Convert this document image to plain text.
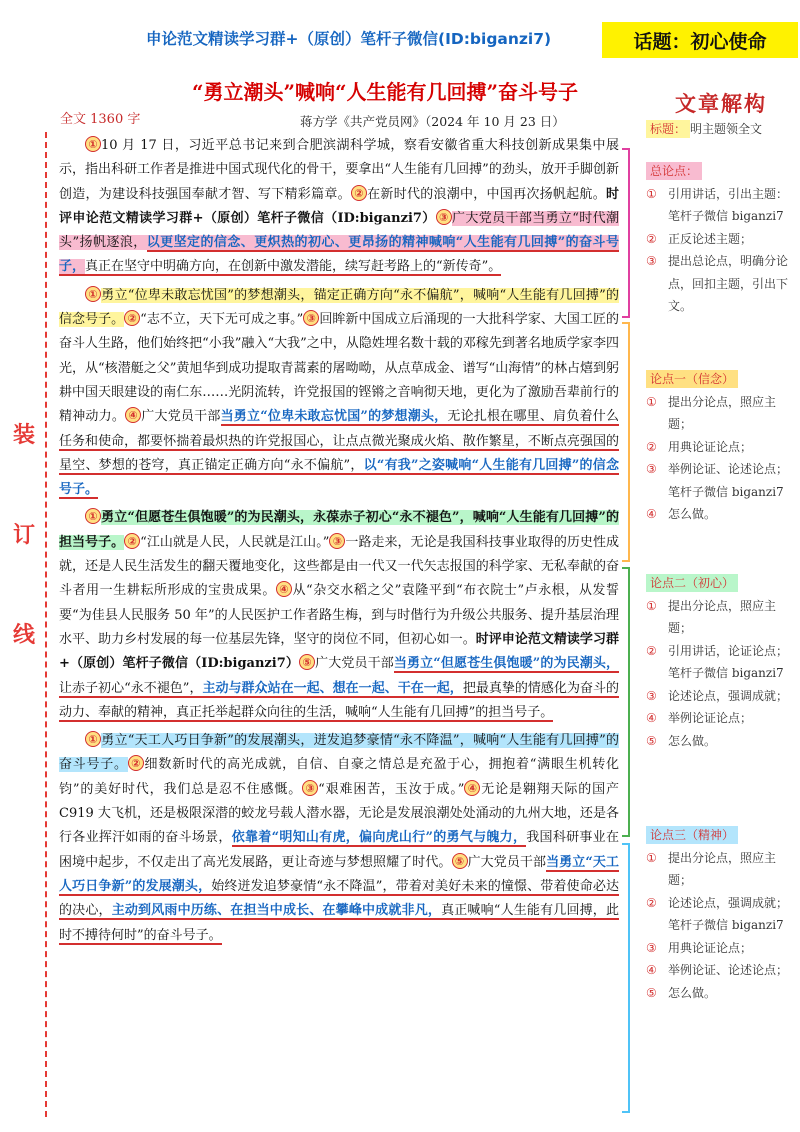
申论范文精读学习群+（原创）笔杆子微信(ID:biganzi7)	话题：初心使命
“勇立潮头”喊响“人生能有几回搏”奋斗号子
全文 1360 字	蒋方学《共产党员网》（2024 年 10 月 23 日）
装
订
线

① 10 月 17 日，习近平总书记来到合肥滨湖科学城，察看安徽省重大科技创新成果集中展示，指出科研工作者是推进中国式现代化的骨干，要拿出“人生能有几回搏”的劲头，放开手脚创新创造，为建设科技强国奉献才智、写下精彩篇章。 ② 在新时代的浪潮中，中国再次扬帆起航。时评申论范文精读学习群+（原创）笔杆子微信（ID:biganzi7） ③ 广大党员干部当勇立“时代潮头”扬帆逐浪，以更坚定的信念、更炽热的初心、更昂扬的精神喊响“人生能有几回搏”的奋斗号子，真正在坚守中明确方向，在创新中激发潜能，续写赶考路上的“新传奇”。

① 勇立“位卑未敢忘忧国”的梦想潮头，锚定正确方向“永不偏航”，喊响“人生能有几回搏”的信念号子。 ② “志不立，天下无可成之事。” ③ 回眸新中国成立后涌现的一大批科学家、大国工匠的奋斗人生路，他们始终把“小我”融入“大我”之中，从隐姓埋名数十载的邓稼先到著名地质学家李四光，从“核潜艇之父”黄旭华到成功提取青蒿素的屠呦呦，从点草成金、谱写“山海情”的林占熺到躬耕中国天眼建设的南仁东……光阴流转，许党报国的铿锵之音响彻天地，更化为了激励吾辈前行的精神动力。 ④ 广大党员干部当勇立“位卑未敢忘忧国”的梦想潮头，无论扎根在哪里、肩负着什么任务和使命，都要怀揣着最炽热的许党报国心，让点点微光聚成火焰、散作繁星，不断点亮强国的星空、梦想的苍穹，真正锚定正确方向“永不偏航”，以“有我”之姿喊响“人生能有几回搏”的信念号子。

① 勇立“但愿苍生俱饱暖”的为民潮头，永葆赤子初心“永不褪色”，喊响“人生能有几回搏”的担当号子。 ② “江山就是人民，人民就是江山。” ③ 一路走来，无论是我国科技事业取得的历史性成就，还是人民生活发生的翻天覆地变化，这些都是由一代又一代矢志报国的科学家、无私奉献的奋斗者用一生耕耘所形成的宝贵成果。 ④ 从“杂交水稻之父”袁隆平到“布衣院士”卢永根，从发誓要“为佳县人民服务 50 年”的人民医护工作者路生梅，到与时偕行为升级公共服务、提升基层治理水平、助力乡村发展的每一位基层先锋，坚守的岗位不同，但初心如一。时评申论范文精读学习群+（原创）笔杆子微信（ID:biganzi7） ⑤ 广大党员干部当勇立“但愿苍生俱饱暖”的为民潮头，让赤子初心“永不褪色”，主动与群众站在一起、想在一起、干在一起，把最真挚的情感化为奋斗的动力、奉献的精神，真正托举起群众向往的生活，喊响“人生能有几回搏”的担当号子。

① 勇立“天工人巧日争新”的发展潮头，迸发追梦豪情“永不降温”，喊响“人生能有几回搏”的奋斗号子。 ② 细数新时代的高光成就，自信、自豪之情总是充盈于心，拥抱着“满眼生机转化钧”的美好时代，我们总是忍不住感慨。 ③ “艰难困苦，玉汝于成。” ④ 无论是翱翔天际的国产 C919 大飞机，还是极限深潜的蛟龙号载人潜水器，无论是发展浪潮处处涌动的九州大地，还是各行各业挥汗如雨的奋斗场景，依靠着“明知山有虎，偏向虎山行”的勇气与魄力，我国科研事业在困境中起步，不仅走出了高光发展路，更让奇迹与梦想照耀了时代。 ⑤ 广大党员干部当勇立“天工人巧日争新”的发展潮头，始终迸发追梦豪情“永不降温”，带着对美好未来的憧憬、带着使命必达的决心，主动到风雨中历练、在担当中成长、在攀峰中成就非凡，真正喊响“人生能有几回搏，此时不搏待何时”的奋斗号子。

文章解构
标题： 明主题领全文
总论点：
① 引用讲话，引出主题：笔杆子微信 biganzi7
② 正反论述主题；
③ 提出总论点，明确分论点，回扣主题，引出下文。
论点一（信念）
① 提出分论点，照应主题；
② 用典论证论点；
③ 举例论证、论述论点；笔杆子微信 biganzi7
④ 怎么做。
论点二（初心）
① 提出分论点，照应主题；
② 引用讲话，论证论点；笔杆子微信 biganzi7
③ 论述论点，强调成就；
④ 举例论证论点；
⑤ 怎么做。
论点三（精神）
① 提出分论点，照应主题；
② 论述论点，强调成就；笔杆子微信 biganzi7
③ 用典论证论点；
④ 举例论证、论述论点；
⑤ 怎么做。
